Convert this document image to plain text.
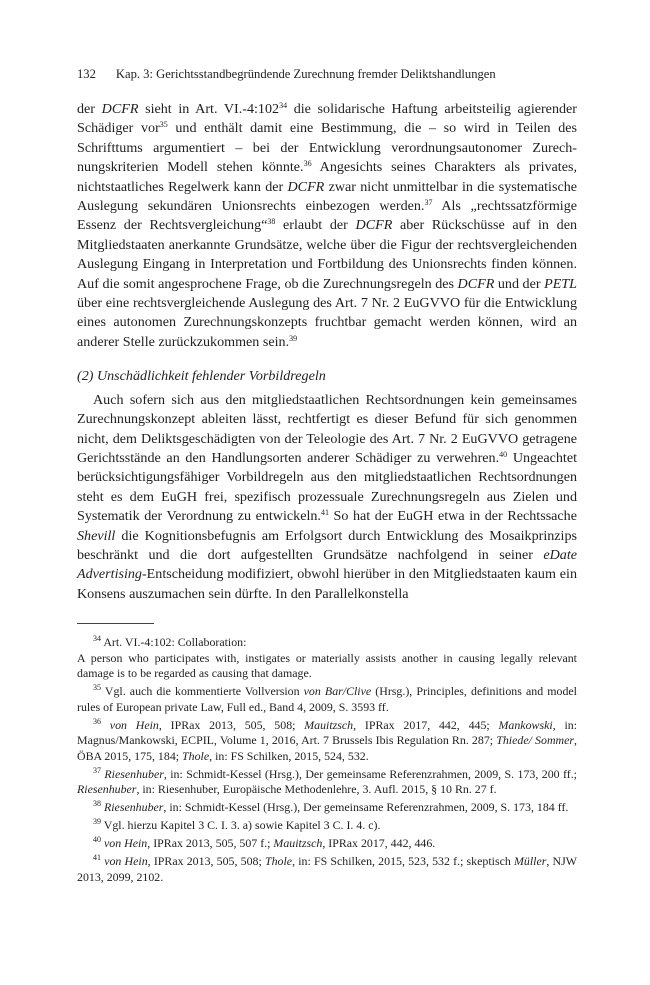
132 Kap. 3: Gerichtsstandbegründende Zurechnung fremder Deliktshandlungen

der DCFR sieht in Art. $VI.-4:102^{34}$ die solidarische Haftung arbeitsteilig agierender Schädiger vor$^{35}$ und enthält damit eine Bestimmung, die – so wird in Teilen des Schrifttums argumentiert – bei der Entwicklung verordnungsautonomer Zurechnungskriterien Modell stehen könnte.$^{36}$ Angesichts seines Charakters als privates, nichtstaatliches Regelwerk kann der DCFR zwar nicht unmittelbar in die systematische Auslegung sekundären Unionsrechts einbezogen werden.$^{37}$ Als „rechtssatzförmige Essenz der Rechtsvergleichung“$^{38}$ erlaubt der DCFR aber Rückschüsse auf in den Mitgliedstaaten anerkannte Grundsätze, welche über die Figur der rechtsvergleichenden Auslegung Eingang in Interpretation und Fortbildung des Unionsrechts finden können. Auf die somit angesprochene Frage, ob die Zurechnungsregeln des DCFR und der PETL über eine rechtsvergleichende Auslegung des Art. 7 Nr. 2 EuGVVO für die Entwicklung eines autonomen Zurechnungskonzepts fruchtbar gemacht werden können, wird an anderer Stelle zurückzukommen sein.$^{39}$

(2) Unschädlichkeit fehlender Vorbildregeln

Auch sofern sich aus den mitgliedstaatlichen Rechtsordnungen kein gemeinsames Zurechnungskonzept ableiten lässt, rechtfertigt es dieser Befund für sich genommen nicht, dem Deliktsgeschädigten von der Teleologie des Art. 7 Nr. 2 EuGVVO getragene Gerichtsstände an den Handlungsorten anderer Schädiger zu verwehren.$^{40}$ Ungeachtet berücksichtigungsfähiger Vorbildregeln aus den mitgliedstaatlichen Rechtsordnungen steht es dem EuGH frei, spezifisch prozessuale Zurechnungsregeln aus Zielen und Systematik der Verordnung zu entwickeln.$^{41}$ So hat der EuGH etwa in der Rechtssache Shevill die Kognitionsbefugnis am Erfolgsort durch Entwicklung des Mosaikprinzips beschränkt und die dort aufgestellten Grundsätze nachfolgend in seiner eDate Advertising-Entscheidung modifiziert, obwohl hierüber in den Mitgliedstaaten kaum ein Konsens auszumachen sein dürfte. In den Parallelkonstella

$^{34}$ Art. VI.-4:102: Collaboration:
A person who participates with, instigates or materially assists another in causing legally relevant damage is to be regarded as causing that damage.

$^{35}$ Vgl. auch die kommentierte Vollversion von Bar/Clive (Hrsg.), Principles, definitions and model rules of European private Law, Full ed., Band 4, 2009, S. 3593 ff.

$^{36}$ von Hein, IPRax 2013, 505, 508; Mauitzsch, IPRax 2017, 442, 445; Mankowski, in: Magnus/Mankowski, ECPIL, Volume 1, 2016, Art. 7 Brussels Ibis Regulation Rn. 287; Thiede/ Sommer, ÖBA 2015, 175, 184; Thole, in: FS Schilken, 2015, 524, 532.

$^{37}$ Riesenhuber, in: Schmidt-Kessel (Hrsg.), Der gemeinsame Referenzrahmen, 2009, S. 173, 200 ff.; Riesenhuber, in: Riesenhuber, Europäische Methodenlehre, 3. Aufl. 2015, § 10 Rn. 27 f.

$^{38}$ Riesenhuber, in: Schmidt-Kessel (Hrsg.), Der gemeinsame Referenzrahmen, 2009, S. 173, 184 ff.

$^{39}$ Vgl. hierzu Kapitel 3 C. I. 3. a) sowie Kapitel 3 C. I. 4. c).

$^{40}$ von Hein, IPRax 2013, 505, 507 f.; Mauitzsch, IPRax 2017, 442, 446.

$^{41}$ von Hein, IPRax 2013, 505, 508; Thole, in: FS Schilken, 2015, 523, 532 f.; skeptisch Müller, NJW 2013, 2099, 2102.
